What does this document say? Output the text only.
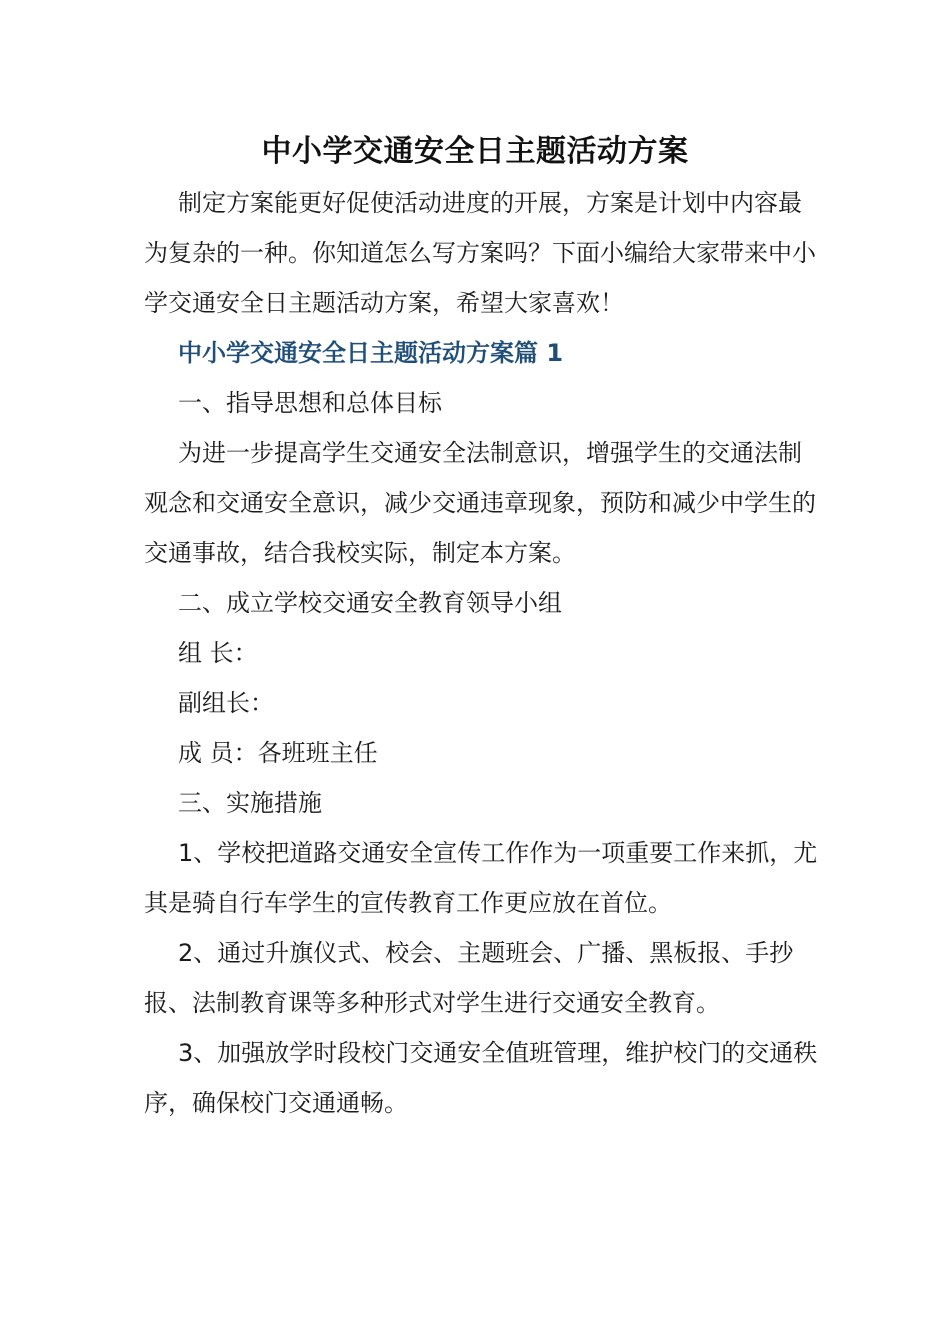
中小学交通安全日主题活动方案

制定方案能更好促使活动进度的开展，方案是计划中内容最为复杂的一种。你知道怎么写方案吗？下面小编给大家带来中小学交通安全日主题活动方案，希望大家喜欢！

中小学交通安全日主题活动方案篇 1

一、指导思想和总体目标

为进一步提高学生交通安全法制意识，增强学生的交通法制观念和交通安全意识，减少交通违章现象，预防和减少中学生的交通事故，结合我校实际，制定本方案。

二、成立学校交通安全教育领导小组

组 长：

副组长：

成 员：各班班主任

三、实施措施

1、学校把道路交通安全宣传工作作为一项重要工作来抓，尤其是骑自行车学生的宣传教育工作更应放在首位。

2、通过升旗仪式、校会、主题班会、广播、黑板报、手抄报、法制教育课等多种形式对学生进行交通安全教育。

3、加强放学时段校门交通安全值班管理，维护校门的交通秩序，确保校门交通通畅。
